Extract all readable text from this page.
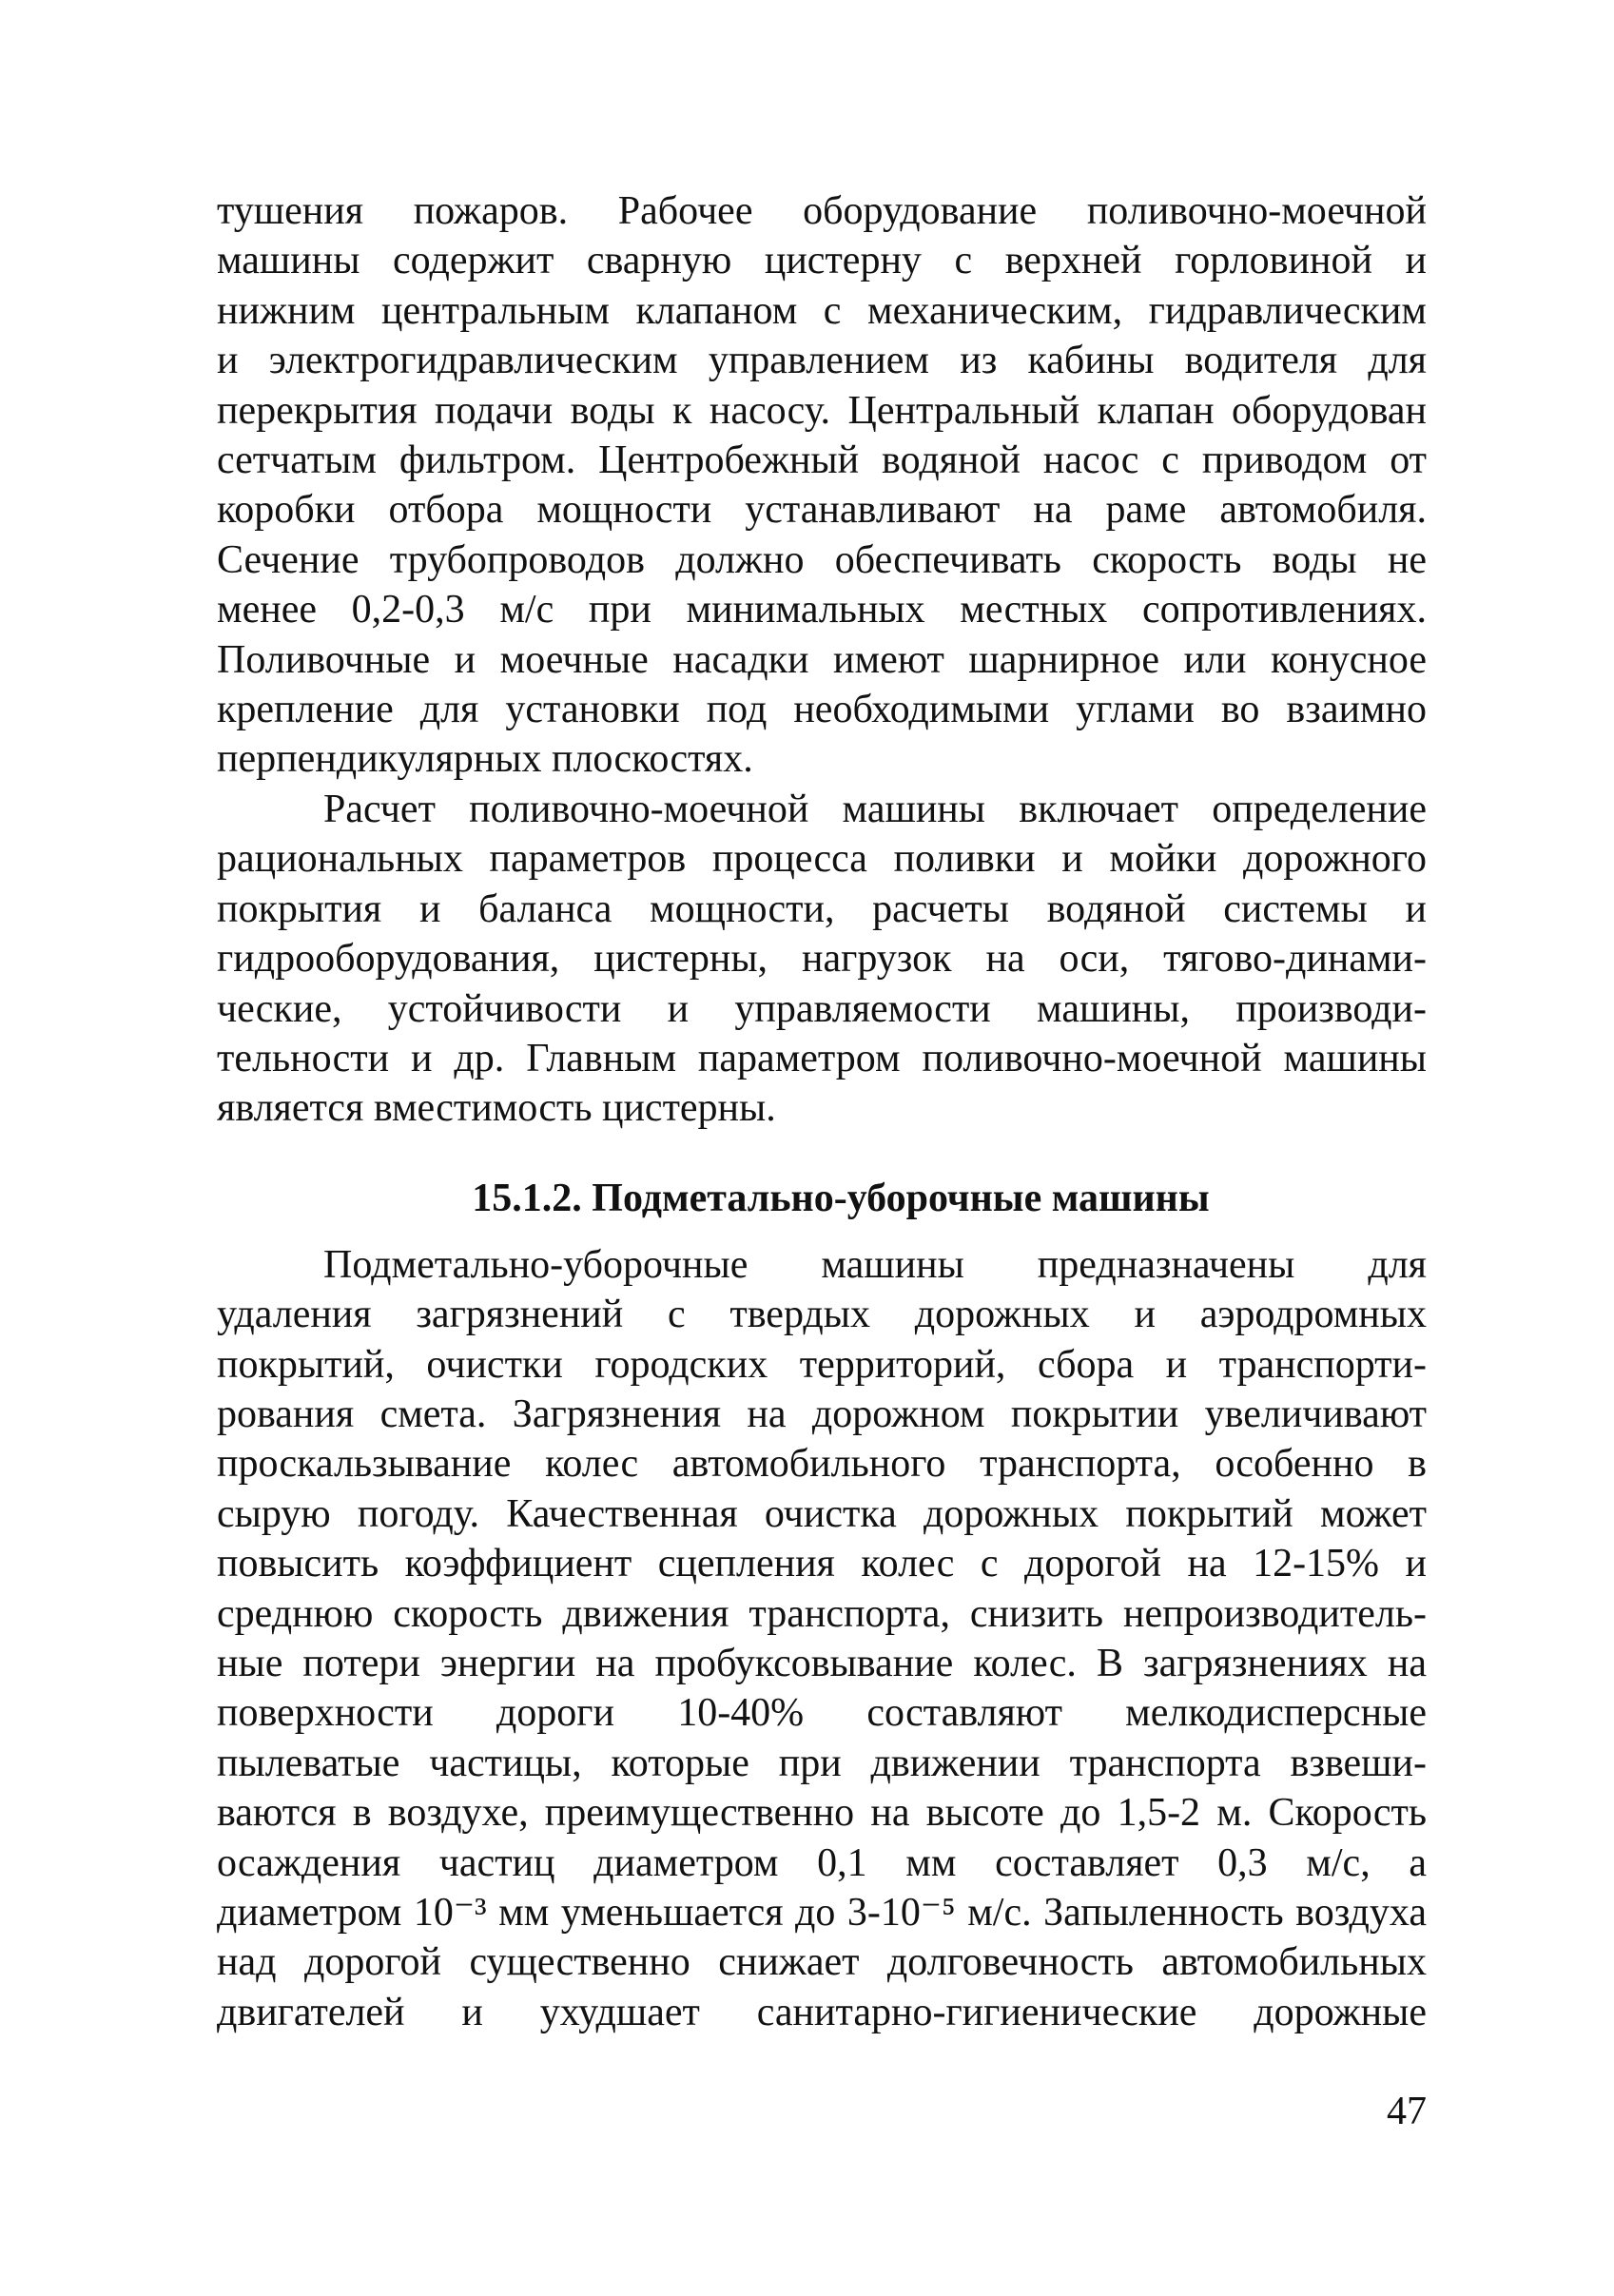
тушения пожаров. Рабочее оборудование поливочно-моечной
машины содержит сварную цистерну с верхней горловиной и
нижним центральным клапаном с механическим, гидравлическим
и электрогидравлическим управлением из кабины водителя для
перекрытия подачи воды к насосу. Центральный клапан оборудован
сетчатым фильтром. Центробежный водяной насос с приводом от
коробки отбора мощности устанавливают на раме автомобиля.
Сечение трубопроводов должно обеспечивать скорость воды не
менее 0,2-0,3 м/с при минимальных местных сопротивлениях.
Поливочные и моечные насадки имеют шарнирное или конусное
крепление для установки под необходимыми углами во взаимно
перпендикулярных плоскостях.

Расчет поливочно-моечной машины включает определение
рациональных параметров процесса поливки и мойки дорожного
покрытия и баланса мощности, расчеты водяной системы и
гидрооборудования, цистерны, нагрузок на оси, тягово-динами-
ческие, устойчивости и управляемости машины, производи-
тельности и др. Главным параметром поливочно-моечной машины
является вместимость цистерны.

15.1.2. Подметально-уборочные машины

Подметально-уборочные машины предназначены для
удаления загрязнений с твердых дорожных и аэродромных
покрытий, очистки городских территорий, сбора и транспорти-
рования смета. Загрязнения на дорожном покрытии увеличивают
проскальзывание колес автомобильного транспорта, особенно в
сырую погоду. Качественная очистка дорожных покрытий может
повысить коэффициент сцепления колес с дорогой на 12-15% и
среднюю скорость движения транспорта, снизить непроизводитель-
ные потери энергии на пробуксовывание колес. В загрязнениях на
поверхности дороги 10-40% составляют мелкодисперсные
пылеватые частицы, которые при движении транспорта взвеши-
ваются в воздухе, преимущественно на высоте до 1,5-2 м. Скорость
осаждения частиц диаметром 0,1 мм составляет 0,3 м/с, а
диаметром 10⁻³ мм уменьшается до 3-10⁻⁵ м/с. Запыленность воздуха
над дорогой существенно снижает долговечность автомобильных
двигателей и ухудшает санитарно-гигиенические дорожные

47
